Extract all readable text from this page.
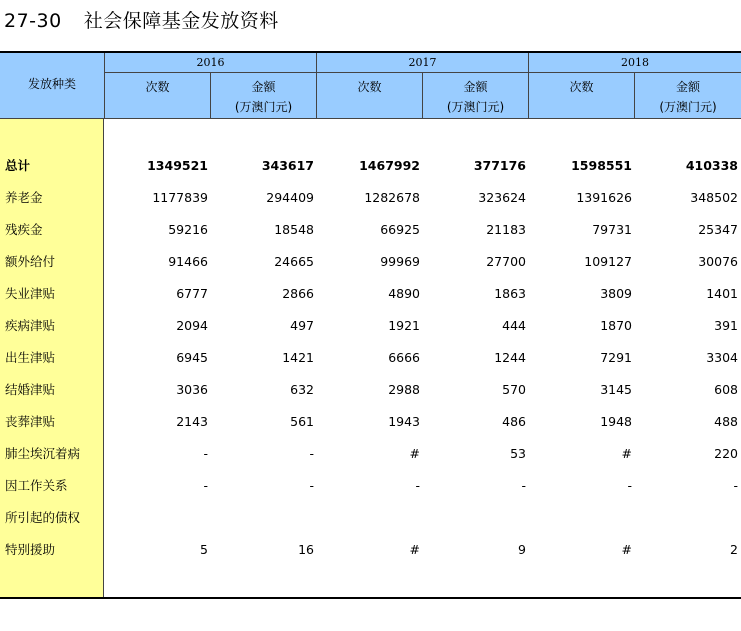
27-30 社会保障基金发放资料
发放种类
2016	2017	2018
次数	金额
(万澳门元)
次数	金额
(万澳门元)
次数	金额
(万澳门元)
总计	1349521	343617	1467992	377176	1598551	410338
养老金	1177839	294409	1282678	323624	1391626	348502
残疾金	59216	18548	66925	21183	79731	25347
额外给付	91466	24665	99969	27700	109127	30076
失业津贴	6777	2866	4890	1863	3809	1401
疾病津贴	2094	497	1921	444	1870	391
出生津贴	6945	1421	6666	1244	7291	3304
结婚津贴	3036	632	2988	570	3145	608
丧葬津贴	2143	561	1943	486	1948	488
肺尘埃沉着病	-	-	#	53	#	220
因工作关系	-	-	-	-	-	-
所引起的债权
特别援助	5	16	#	9	#	2
